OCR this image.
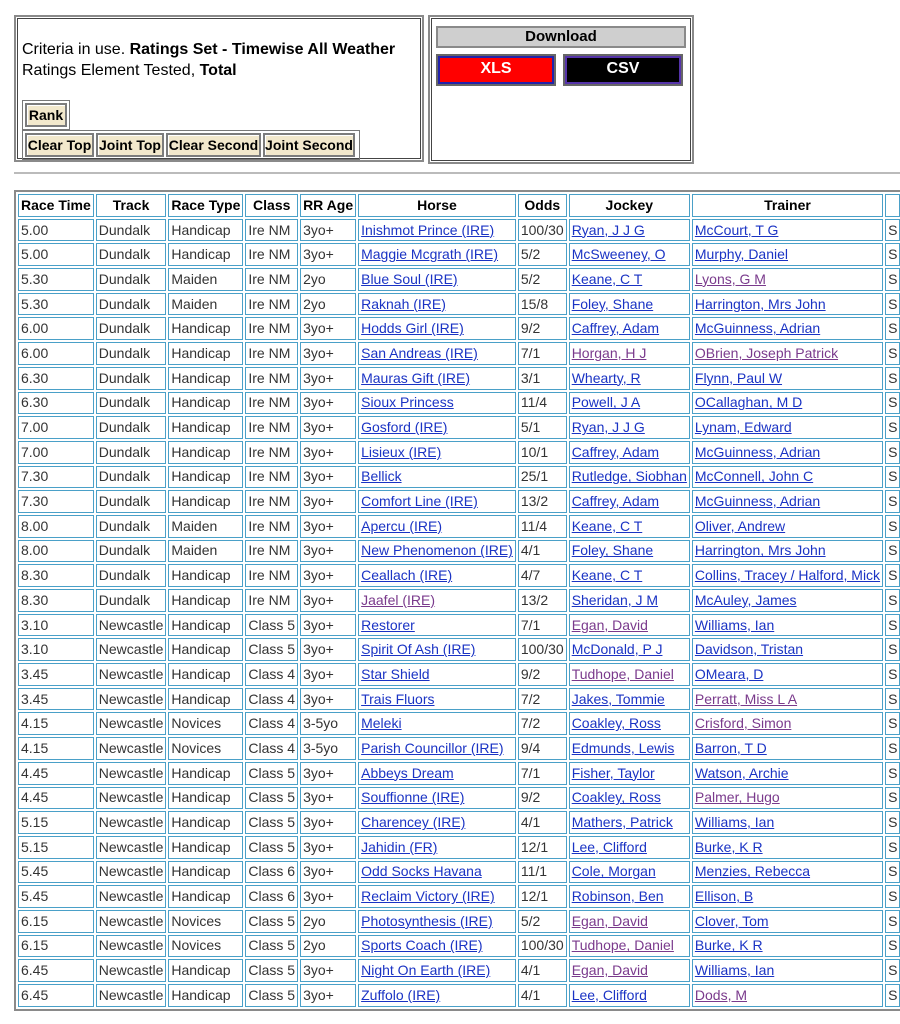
Criteria in use. Ratings Set - Timewise All Weather
Ratings Element Tested, Total
Rank
Clear Top Joint Top Clear Second Joint Second
Download
XLS	CSV
Race Time	Track	Race Type	Class	RR Age	Horse	Odds	Jockey	Trainer	
5.00	Dundalk	Handicap	Ire NM	3yo+	Inishmot Prince (IRE)	100/30	Ryan, J J G	McCourt, T G	S
5.00	Dundalk	Handicap	Ire NM	3yo+	Maggie Mcgrath (IRE)	5/2	McSweeney, O	Murphy, Daniel	S
5.30	Dundalk	Maiden	Ire NM	2yo	Blue Soul (IRE)	5/2	Keane, C T	Lyons, G M	S
5.30	Dundalk	Maiden	Ire NM	2yo	Raknah (IRE)	15/8	Foley, Shane	Harrington, Mrs John	S
6.00	Dundalk	Handicap	Ire NM	3yo+	Hodds Girl (IRE)	9/2	Caffrey, Adam	McGuinness, Adrian	S
6.00	Dundalk	Handicap	Ire NM	3yo+	San Andreas (IRE)	7/1	Horgan, H J	OBrien, Joseph Patrick	S
6.30	Dundalk	Handicap	Ire NM	3yo+	Mauras Gift (IRE)	3/1	Whearty, R	Flynn, Paul W	S
6.30	Dundalk	Handicap	Ire NM	3yo+	Sioux Princess	11/4	Powell, J A	OCallaghan, M D	S
7.00	Dundalk	Handicap	Ire NM	3yo+	Gosford (IRE)	5/1	Ryan, J J G	Lynam, Edward	S
7.00	Dundalk	Handicap	Ire NM	3yo+	Lisieux (IRE)	10/1	Caffrey, Adam	McGuinness, Adrian	S
7.30	Dundalk	Handicap	Ire NM	3yo+	Bellick	25/1	Rutledge, Siobhan	McConnell, John C	S
7.30	Dundalk	Handicap	Ire NM	3yo+	Comfort Line (IRE)	13/2	Caffrey, Adam	McGuinness, Adrian	S
8.00	Dundalk	Maiden	Ire NM	3yo+	Apercu (IRE)	11/4	Keane, C T	Oliver, Andrew	S
8.00	Dundalk	Maiden	Ire NM	3yo+	New Phenomenon (IRE)	4/1	Foley, Shane	Harrington, Mrs John	S
8.30	Dundalk	Handicap	Ire NM	3yo+	Ceallach (IRE)	4/7	Keane, C T	Collins, Tracey / Halford, Mick	S
8.30	Dundalk	Handicap	Ire NM	3yo+	Jaafel (IRE)	13/2	Sheridan, J M	McAuley, James	S
3.10	Newcastle	Handicap	Class 5	3yo+	Restorer	7/1	Egan, David	Williams, Ian	S
3.10	Newcastle	Handicap	Class 5	3yo+	Spirit Of Ash (IRE)	100/30	McDonald, P J	Davidson, Tristan	S
3.45	Newcastle	Handicap	Class 4	3yo+	Star Shield	9/2	Tudhope, Daniel	OMeara, D	S
3.45	Newcastle	Handicap	Class 4	3yo+	Trais Fluors	7/2	Jakes, Tommie	Perratt, Miss L A	S
4.15	Newcastle	Novices	Class 4	3-5yo	Meleki	7/2	Coakley, Ross	Crisford, Simon	S
4.15	Newcastle	Novices	Class 4	3-5yo	Parish Councillor (IRE)	9/4	Edmunds, Lewis	Barron, T D	S
4.45	Newcastle	Handicap	Class 5	3yo+	Abbeys Dream	7/1	Fisher, Taylor	Watson, Archie	S
4.45	Newcastle	Handicap	Class 5	3yo+	Souffionne (IRE)	9/2	Coakley, Ross	Palmer, Hugo	S
5.15	Newcastle	Handicap	Class 5	3yo+	Charencey (IRE)	4/1	Mathers, Patrick	Williams, Ian	S
5.15	Newcastle	Handicap	Class 5	3yo+	Jahidin (FR)	12/1	Lee, Clifford	Burke, K R	S
5.45	Newcastle	Handicap	Class 6	3yo+	Odd Socks Havana	11/1	Cole, Morgan	Menzies, Rebecca	S
5.45	Newcastle	Handicap	Class 6	3yo+	Reclaim Victory (IRE)	12/1	Robinson, Ben	Ellison, B	S
6.15	Newcastle	Novices	Class 5	2yo	Photosynthesis (IRE)	5/2	Egan, David	Clover, Tom	S
6.15	Newcastle	Novices	Class 5	2yo	Sports Coach (IRE)	100/30	Tudhope, Daniel	Burke, K R	S
6.45	Newcastle	Handicap	Class 5	3yo+	Night On Earth (IRE)	4/1	Egan, David	Williams, Ian	S
6.45	Newcastle	Handicap	Class 5	3yo+	Zuffolo (IRE)	4/1	Lee, Clifford	Dods, M	S
